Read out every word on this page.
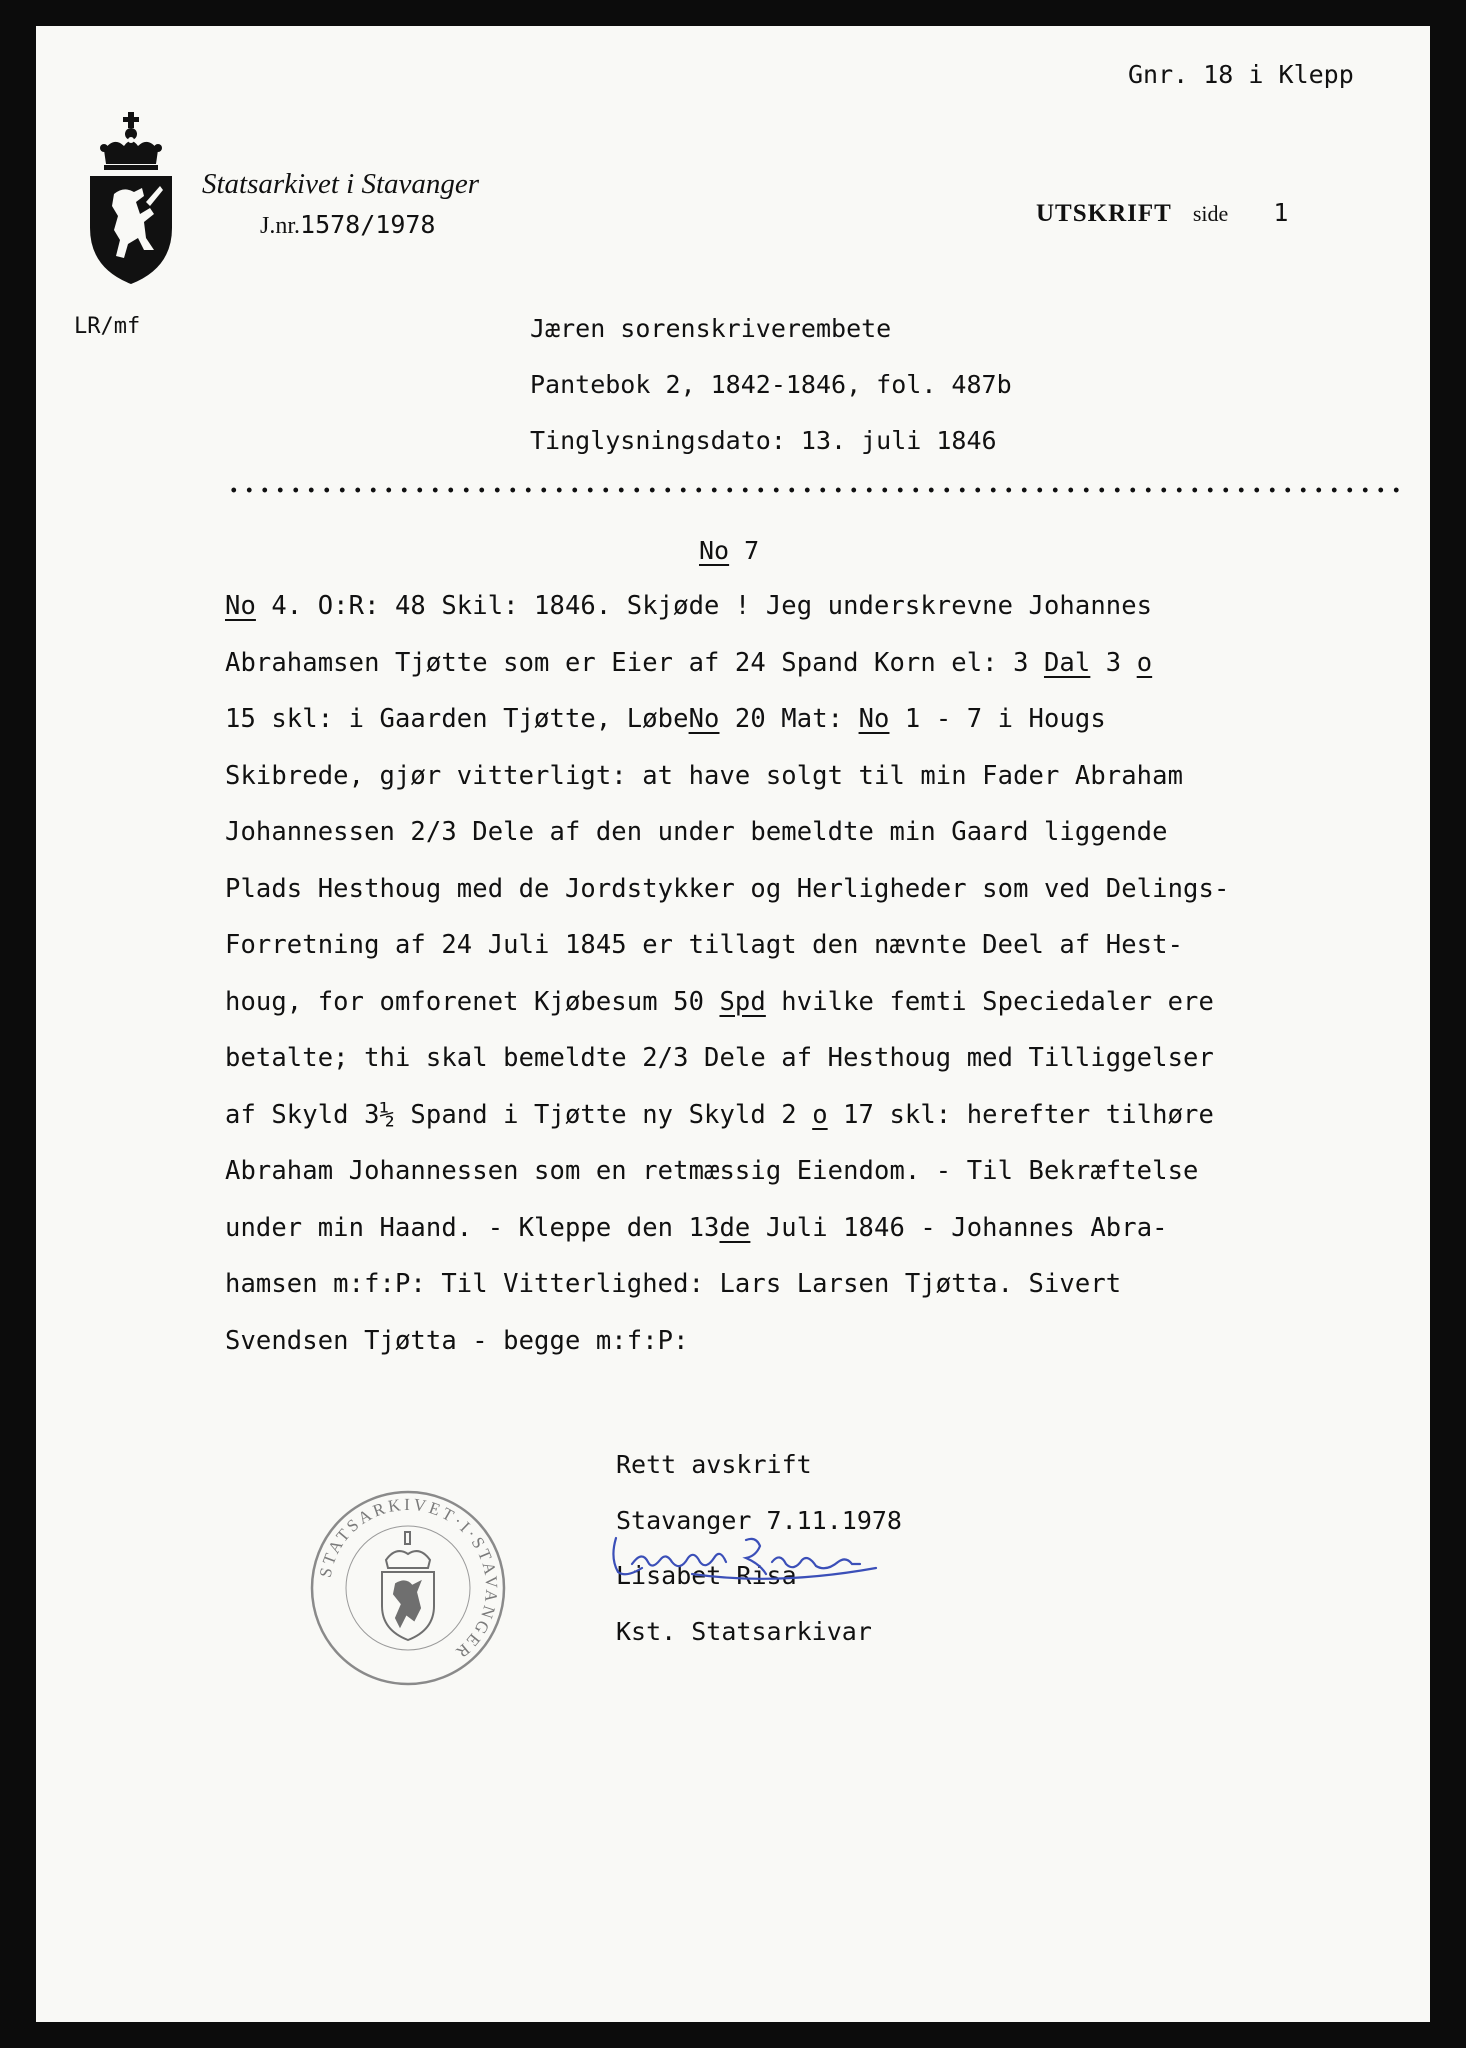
Gnr. 18 i Klepp
Statsarkivet i Stavanger
J.nr.1578/1978	UTSKRIFT side 1
LR/mf	Jæren sorenskriverembete
Pantebok 2, 1842-1846, fol. 487b
Tinglysningsdato: 13. juli 1846
No 7
No 4. O:R: 48 Skil: 1846. Skjøde ! Jeg underskrevne Johannes
Abrahamsen Tjøtte som er Eier af 24 Spand Korn el: 3 Dal 3 o
15 skl: i Gaarden Tjøtte, LøbeNo 20 Mat: No 1 - 7 i Hougs
Skibrede, gjør vitterligt: at have solgt til min Fader Abraham
Johannessen 2/3 Dele af den under bemeldte min Gaard liggende
Plads Hesthoug med de Jordstykker og Herligheder som ved Delings-
Forretning af 24 Juli 1845 er tillagt den nævnte Deel af Hest-
houg, for omforenet Kjøbesum 50 Spd hvilke femti Speciedaler ere
betalte; thi skal bemeldte 2/3 Dele af Hesthoug med Tilliggelser
af Skyld 3½ Spand i Tjøtte ny Skyld 2 o 17 skl: herefter tilhøre
Abraham Johannessen som en retmæssig Eiendom. - Til Bekræftelse
under min Haand. - Kleppe den 13de Juli 1846 - Johannes Abra-
hamsen m:f:P: Til Vitterlighed: Lars Larsen Tjøtta. Sivert
Svendsen Tjøtta - begge m:f:P:
Rett avskrift
Stavanger 7.11.1978
Lisabet Risa
Kst. Statsarkivar
STATSARKIVET·I·STAVANGER
